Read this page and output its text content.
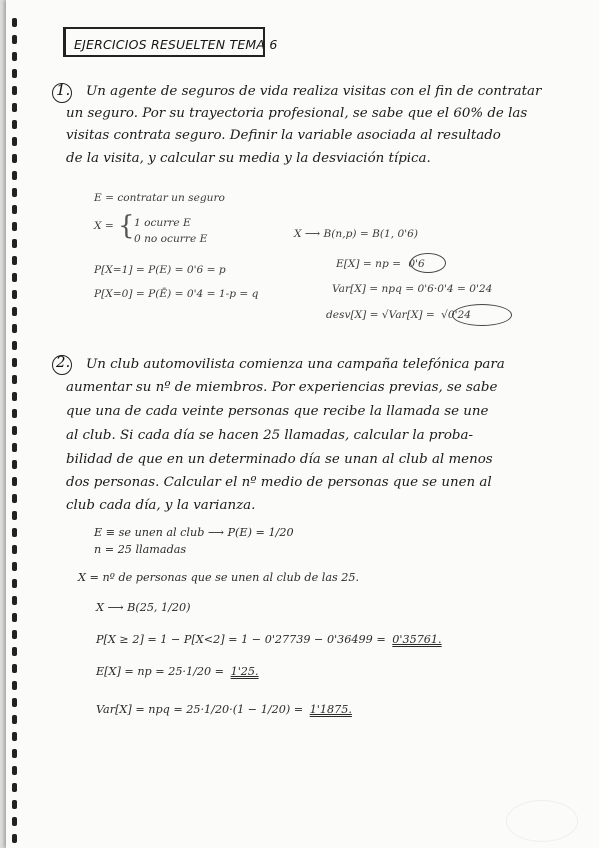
EJERCICIOS RESUELTEN TEMA 6
1. Un agente de seguros de vida realiza visitas con el fin de contratar
un seguro. Por su trayectoria profesional, se sabe que el 60% de las
visitas contrata seguro. Definir la variable asociada al resultado
de la visita, y calcular su media y la desviación típica.
E = contratar un seguro
X = { 1 ocurre E
0 no ocurre E	X ⟶ B(n,p) = B(1, 0'6)
P[X=1] = P(E) = 0'6 = p
P[X=0] = P(Ē) = 0'4 = 1-p = q
E[X] = np = 0'6
Var[X] = npq = 0'6·0'4 = 0'24
desv[X] = √Var[X] = √0'24
2. Un club automovilista comienza una campaña telefónica para
aumentar su nº de miembros. Por experiencias previas, se sabe
que una de cada veinte personas que recibe la llamada se une
al club. Si cada día se hacen 25 llamadas, calcular la proba-
bilidad de que en un determinado día se unan al club al menos
dos personas. Calcular el nº medio de personas que se unen al
club cada día, y la varianza.
E ≡ se unen al club ⟶ P(E) = 1/20
n = 25 llamadas
X = nº de personas que se unen al club de las 25.
X ⟶ B(25, 1/20)
P[X ≥ 2] = 1 − P[X<2] = 1 − 0'27739 − 0'36499 = 0'35761.
E[X] = np = 25·1/20 = 1'25.
Var[X] = npq = 25·1/20·(1 − 1/20) = 1'1875.
